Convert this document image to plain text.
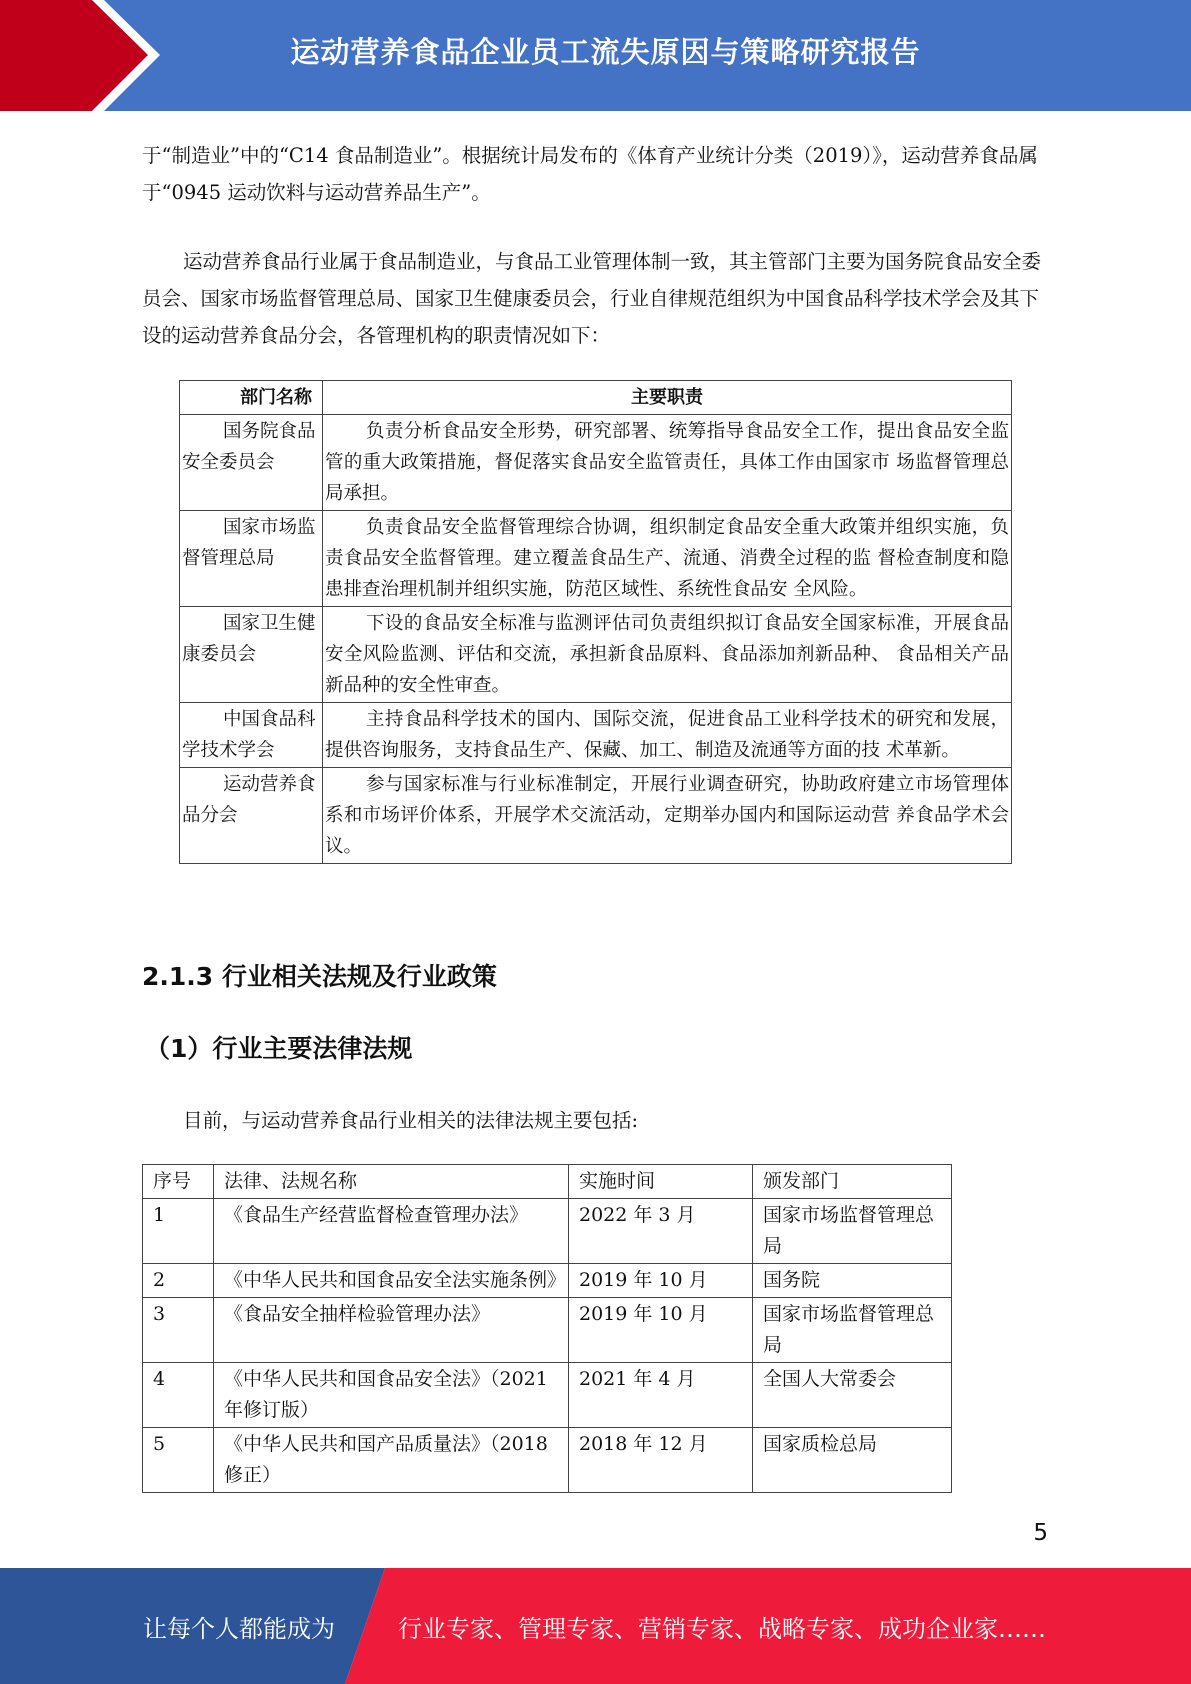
运动营养食品企业员工流失原因与策略研究报告

于“制造业”中的“C14 食品制造业”。根据统计局发布的《体育产业统计分类（2019）》，运动营养食品属于“0945 运动饮料与运动营养品生产”。

运动营养食品行业属于食品制造业，与食品工业管理体制一致，其主管部门主要为国务院食品安全委员会、国家市场监督管理总局、国家卫生健康委员会，行业自律规范组织为中国食品科学技术学会及其下设的运动营养食品分会，各管理机构的职责情况如下：

部门名称	主要职责
国务院食品 安全委员会	负责分析食品安全形势，研究部署、统筹指导食品安全工作，提出食品安全监管的重大政策措施，督促落实食品安全监管责任，具体工作由国家市 场监督管理总局承担。
国家市场监督管理总局	负责食品安全监督管理综合协调，组织制定食品安全重大政策并组织实施，负责食品安全监督管理。建立覆盖食品生产、流通、消费全过程的监 督检查制度和隐患排查治理机制并组织实施，防范区域性、系统性食品安 全风险。
国家卫生健 康委员会	下设的食品安全标准与监测评估司负责组织拟订食品安全国家标准，开展食品安全风险监测、评估和交流，承担新食品原料、食品添加剂新品种、 食品相关产品新品种的安全性审查。
中国食品科 学技术学会	主持食品科学技术的国内、国际交流，促进食品工业科学技术的研究和发展，提供咨询服务，支持食品生产、保藏、加工、制造及流通等方面的技 术革新。
运动营养食 品分会	参与国家标准与行业标准制定，开展行业调查研究，协助政府建立市场管理体系和市场评价体系，开展学术交流活动，定期举办国内和国际运动营 养食品学术会议。
2.1.3 行业相关法规及行业政策
（1）行业主要法律法规

目前，与运动营养食品行业相关的法律法规主要包括:

序号	法律、法规名称	实施时间	颁发部门
1	《食品生产经营监督检查管理办法》	2022 年 3 月	国家市场监督管理总局
2	《中华人民共和国食品安全法实施条例》	2019 年 10 月	国务院
3	《食品安全抽样检验管理办法》	2019 年 10 月	国家市场监督管理总局
4	《中华人民共和国食品安全法》（2021 年修订版）	2021 年 4 月	全国人大常委会
5	《中华人民共和国产品质量法》（2018 修正）	2018 年 12 月	国家质检总局
5
让每个人都能成为	行业专家、管理专家、营销专家、战略专家、成功企业家……
